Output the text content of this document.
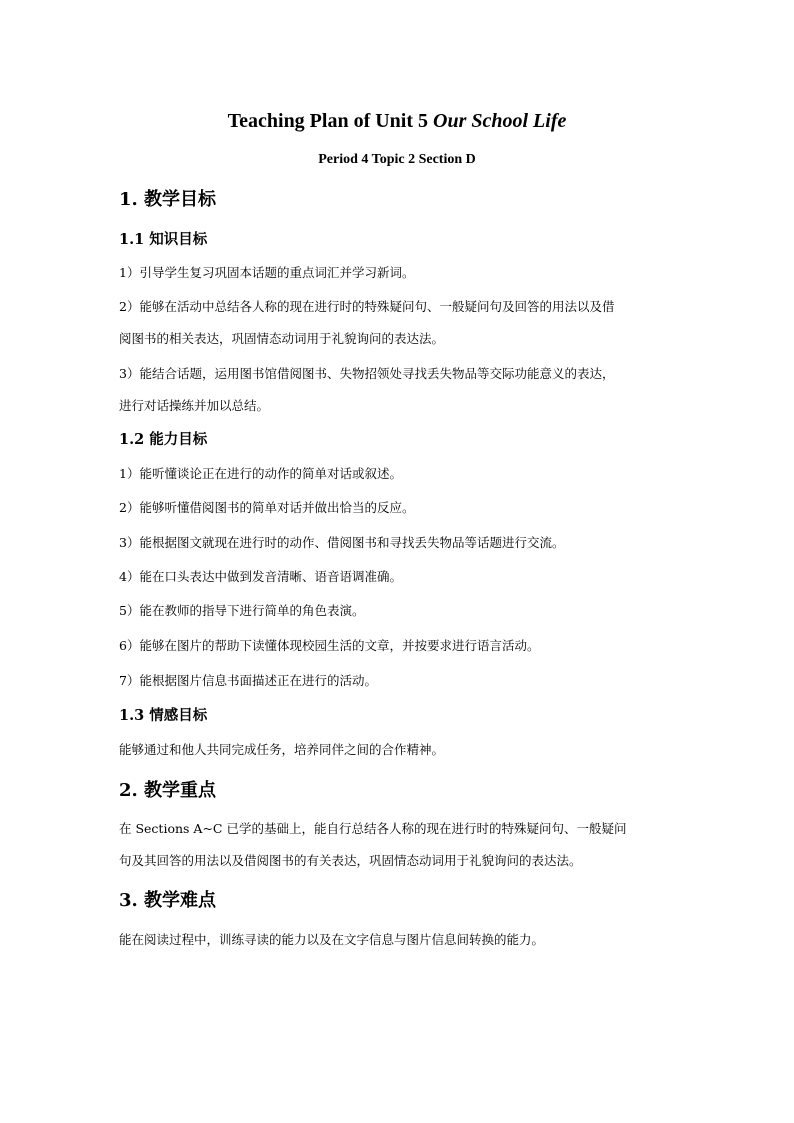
Teaching Plan of Unit 5 Our School Life
Period 4 Topic 2 Section D
1. 教学目标
1.1 知识目标
1）引导学生复习巩固本话题的重点词汇并学习新词。
2）能够在活动中总结各人称的现在进行时的特殊疑问句、一般疑问句及回答的用法以及借
阅图书的相关表达，巩固情态动词用于礼貌询问的表达法。
3）能结合话题，运用图书馆借阅图书、失物招领处寻找丢失物品等交际功能意义的表达，
进行对话操练并加以总结。
1.2 能力目标
1）能听懂谈论正在进行的动作的简单对话或叙述。
2）能够听懂借阅图书的简单对话并做出恰当的反应。
3）能根据图文就现在进行时的动作、借阅图书和寻找丢失物品等话题进行交流。
4）能在口头表达中做到发音清晰、语音语调准确。
5）能在教师的指导下进行简单的角色表演。
6）能够在图片的帮助下读懂体现校园生活的文章，并按要求进行语言活动。
7）能根据图片信息书面描述正在进行的活动。
1.3 情感目标
能够通过和他人共同完成任务，培养同伴之间的合作精神。
2. 教学重点
在 Sections A~C 已学的基础上，能自行总结各人称的现在进行时的特殊疑问句、一般疑问
句及其回答的用法以及借阅图书的有关表达，巩固情态动词用于礼貌询问的表达法。
3. 教学难点
能在阅读过程中，训练寻读的能力以及在文字信息与图片信息间转换的能力。
